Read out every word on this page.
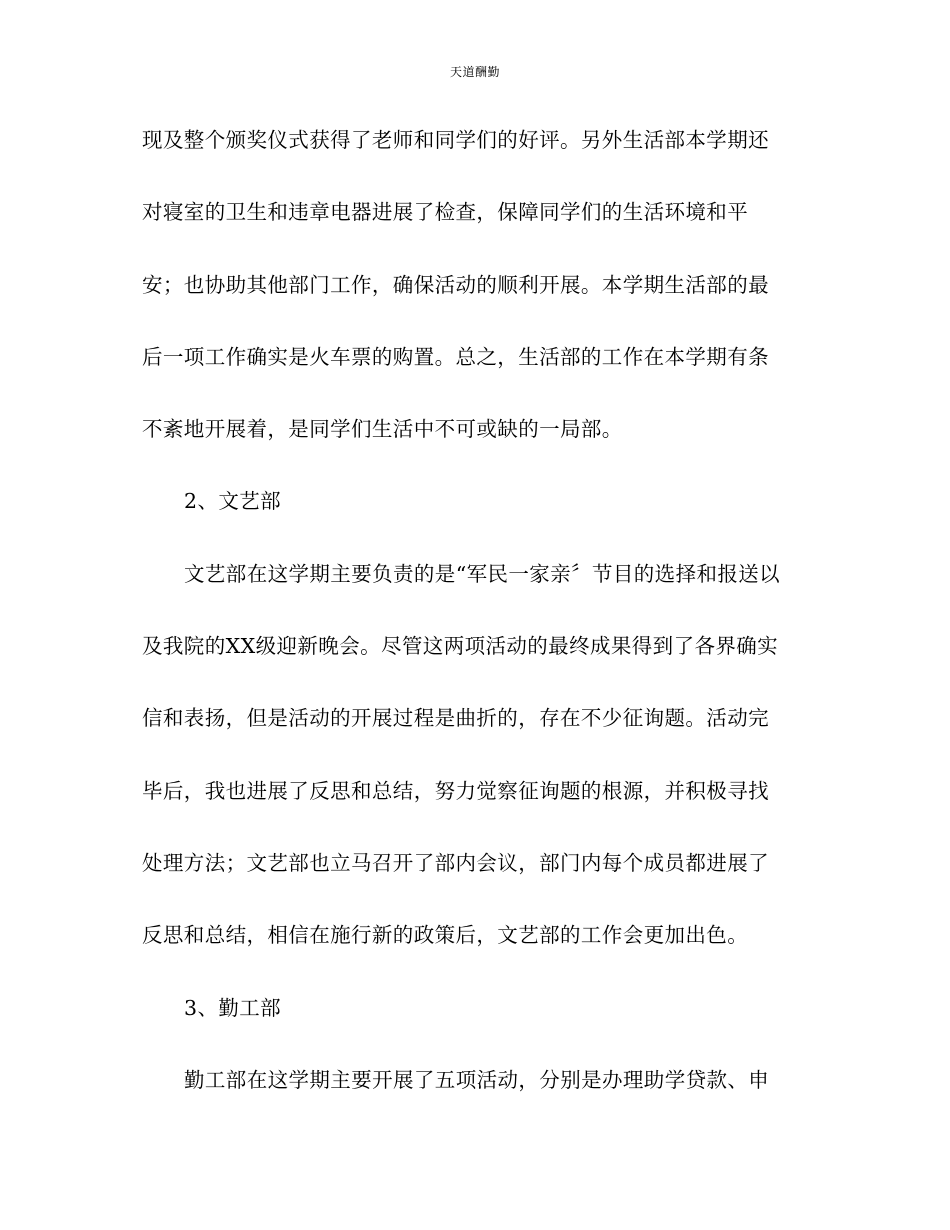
天道酬勤
现及整个颁奖仪式获得了老师和同学们的好评。另外生活部本学期还
对寝室的卫生和违章电器进展了检查，保障同学们的生活环境和平
安；也协助其他部门工作，确保活动的顺利开展。本学期生活部的最
后一项工作确实是火车票的购置。总之，生活部的工作在本学期有条
不紊地开展着，是同学们生活中不可或缺的一局部。
2、文艺部
文艺部在这学期主要负责的是“军民一家亲〞节目的选择和报送以
及我院的XX级迎新晚会。尽管这两项活动的最终成果得到了各界确实
信和表扬，但是活动的开展过程是曲折的，存在不少征询题。活动完
毕后，我也进展了反思和总结，努力觉察征询题的根源，并积极寻找
处理方法；文艺部也立马召开了部内会议，部门内每个成员都进展了
反思和总结，相信在施行新的政策后，文艺部的工作会更加出色。
3、勤工部
勤工部在这学期主要开展了五项活动，分别是办理助学贷款、申
